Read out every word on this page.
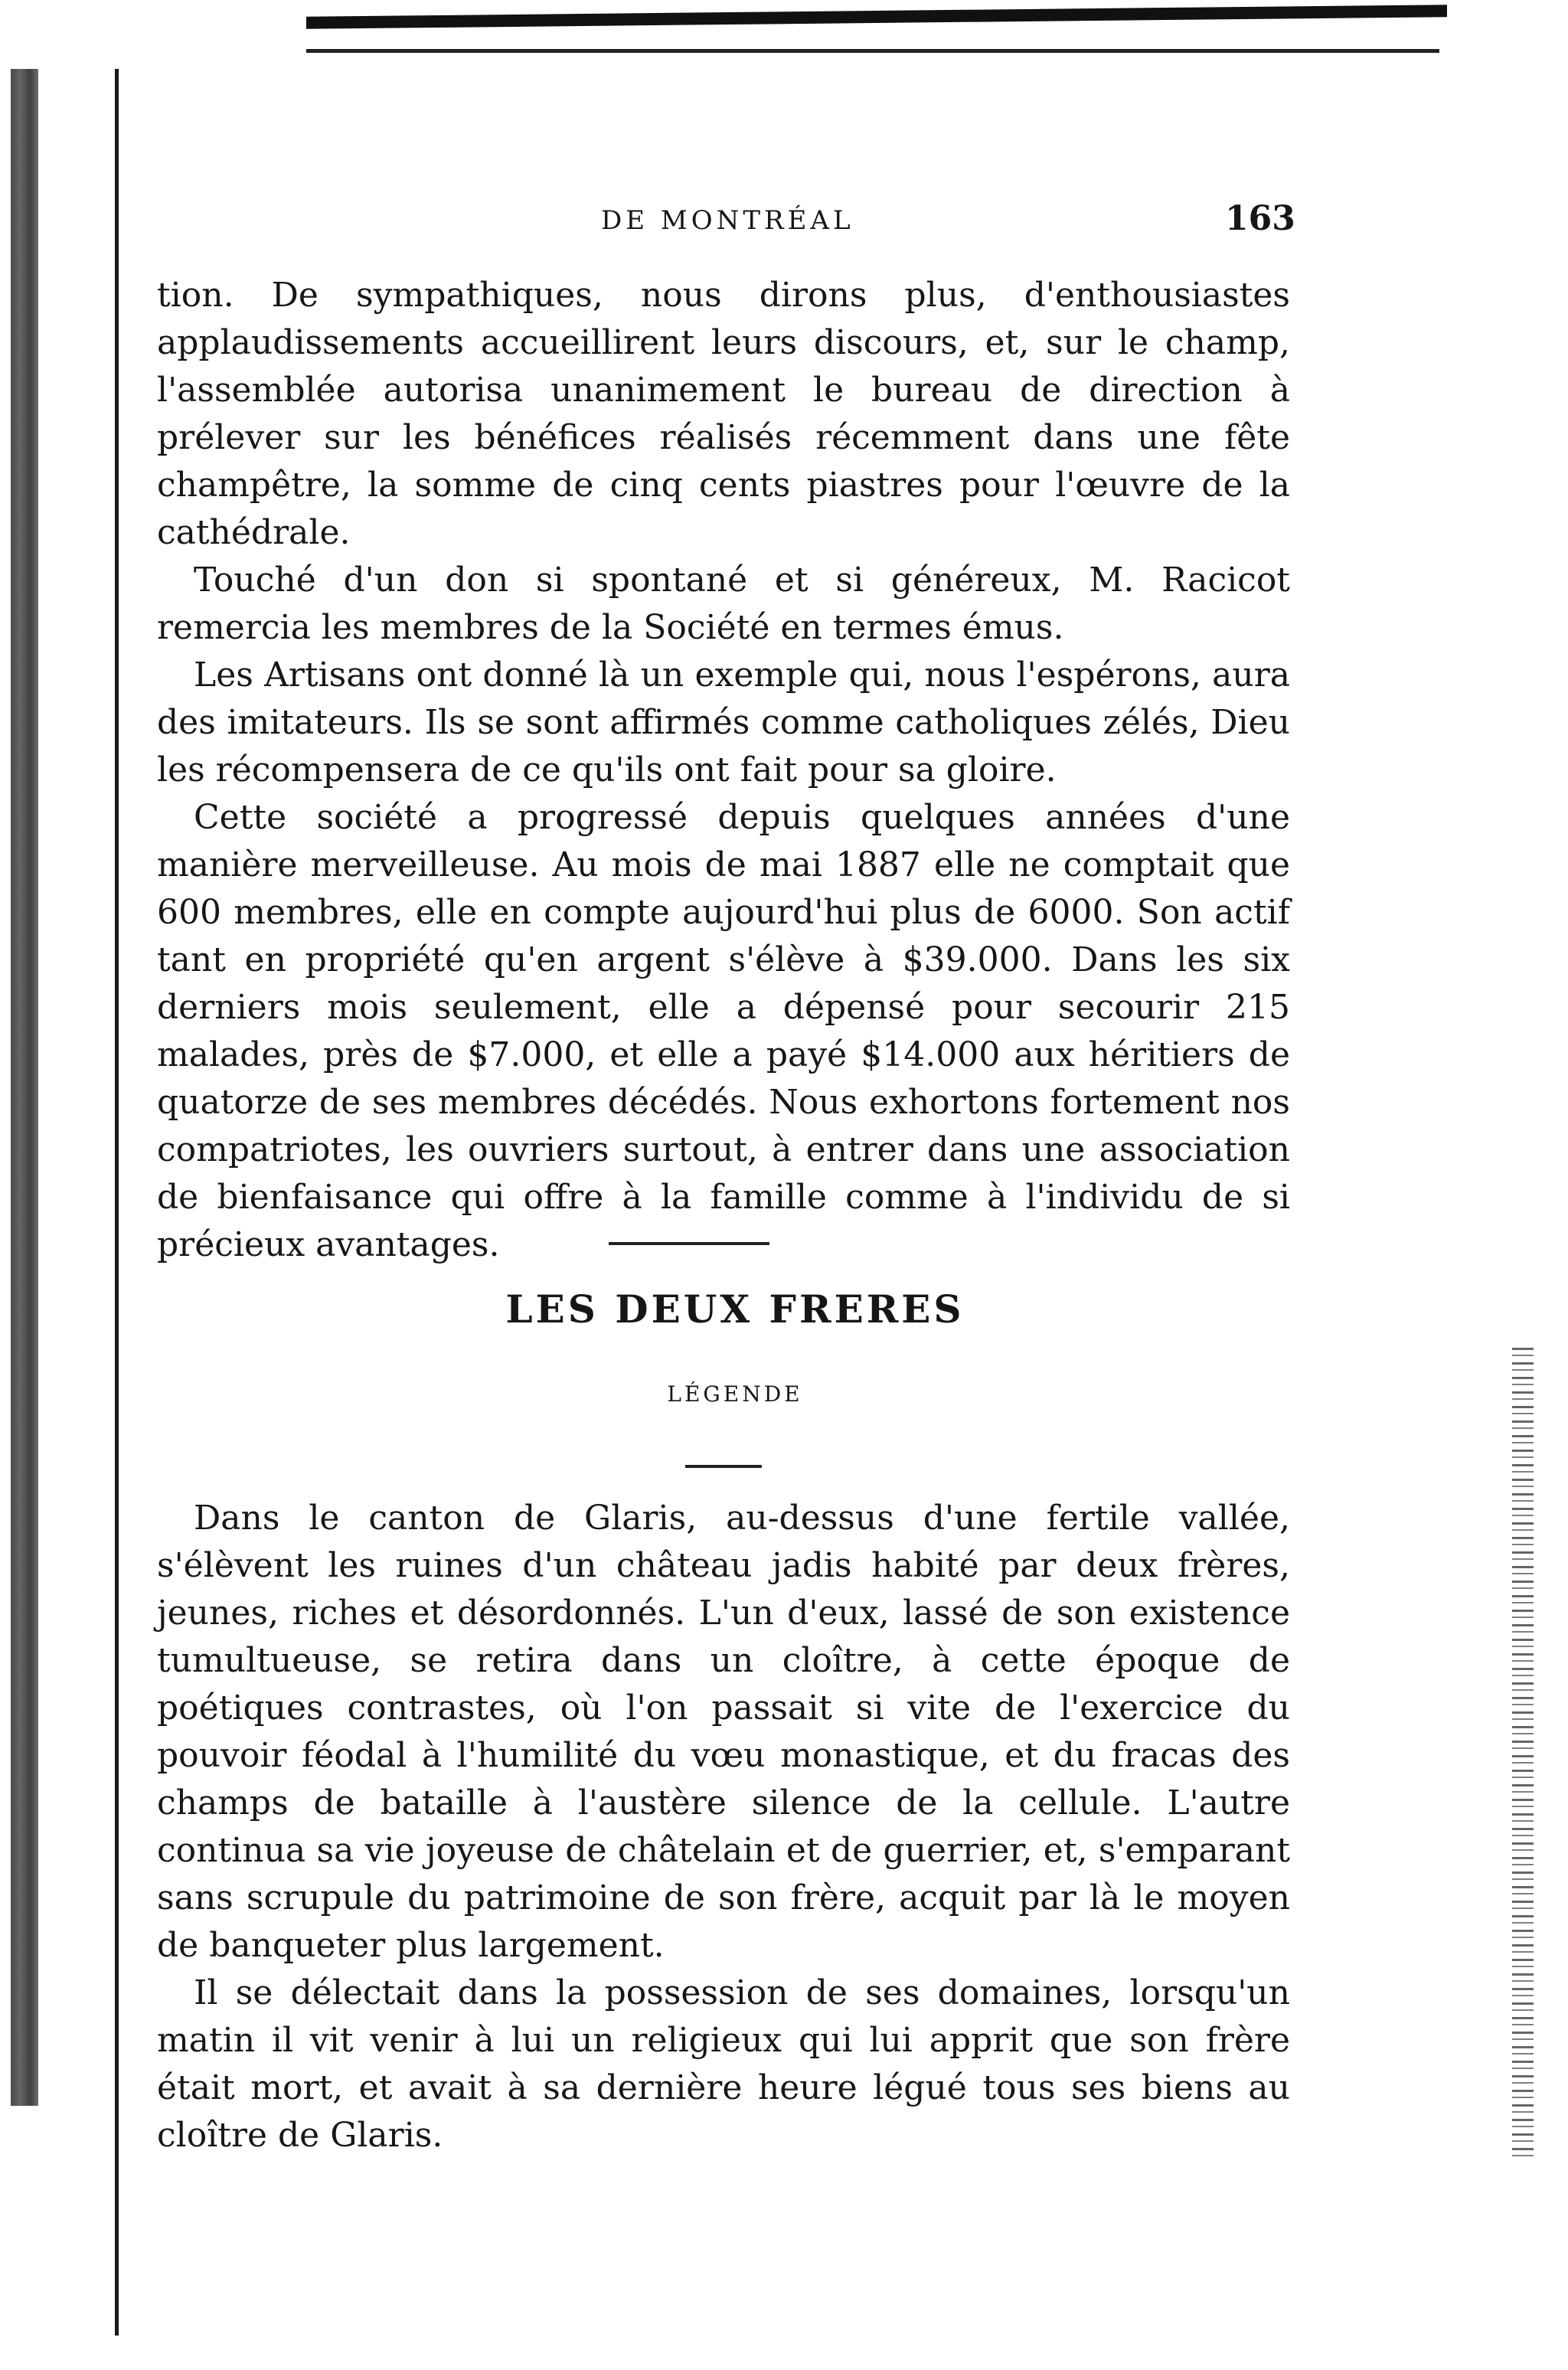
DE MONTRÉAL	163

tion. De sympathiques, nous dirons plus, d'enthousiastes applaudissements accueillirent leurs discours, et, sur le champ, l'assemblée autorisa unanimement le bureau de direction à prélever sur les bénéfices réalisés récemment dans une fête champêtre, la somme de cinq cents piastres pour l'œuvre de la cathédrale.

Touché d'un don si spontané et si généreux, M. Racicot remercia les membres de la Société en termes émus.

Les Artisans ont donné là un exemple qui, nous l'espérons, aura des imitateurs. Ils se sont affirmés comme catholiques zélés, Dieu les récompensera de ce qu'ils ont fait pour sa gloire.

Cette société a progressé depuis quelques années d'une manière merveilleuse. Au mois de mai 1887 elle ne comptait que 600 membres, elle en compte aujourd'hui plus de 6000. Son actif tant en propriété qu'en argent s'élève à $39.000. Dans les six derniers mois seulement, elle a dépensé pour secourir 215 malades, près de $7.000, et elle a payé $14.000 aux héritiers de quatorze de ses membres décédés. Nous exhortons fortement nos compatriotes, les ouvriers surtout, à entrer dans une association de bienfaisance qui offre à la famille comme à l'individu de si précieux avantages.

LES DEUX FRERES
LÉGENDE

Dans le canton de Glaris, au-dessus d'une fertile vallée, s'élèvent les ruines d'un château jadis habité par deux frères, jeunes, riches et désordonnés. L'un d'eux, lassé de son existence tumultueuse, se retira dans un cloître, à cette époque de poétiques contrastes, où l'on passait si vite de l'exercice du pouvoir féodal à l'humilité du vœu monastique, et du fracas des champs de bataille à l'austère silence de la cellule. L'autre continua sa vie joyeuse de châtelain et de guerrier, et, s'emparant sans scrupule du patrimoine de son frère, acquit par là le moyen de banqueter plus largement.

Il se délectait dans la possession de ses domaines, lorsqu'un matin il vit venir à lui un religieux qui lui apprit que son frère était mort, et avait à sa dernière heure légué tous ses biens au cloître de Glaris.
